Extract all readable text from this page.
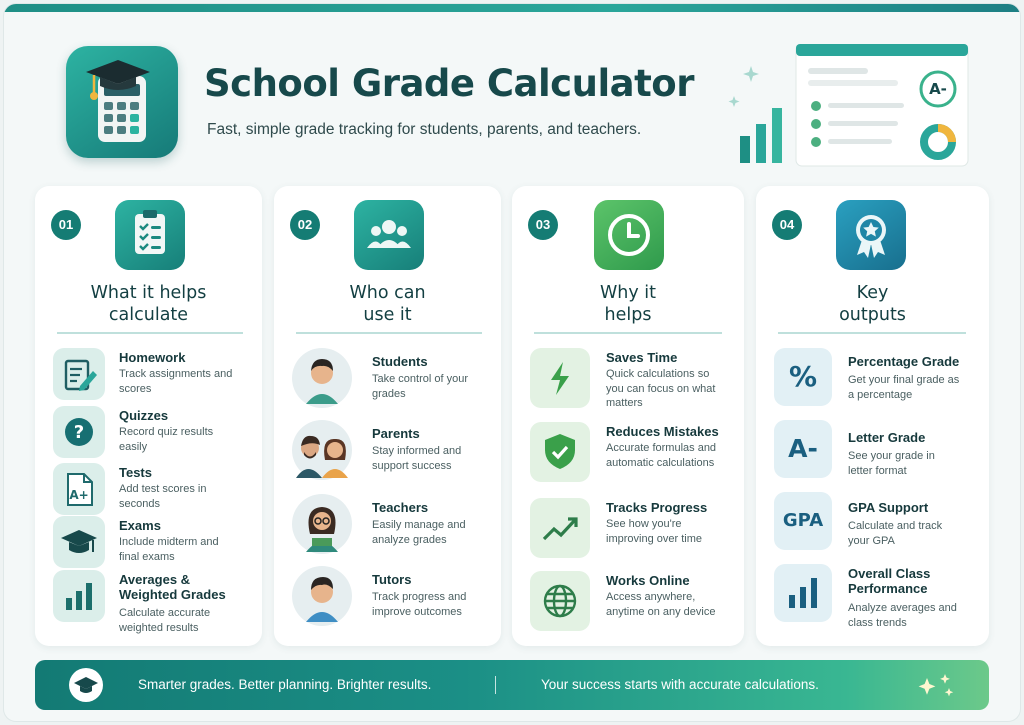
School Grade Calculator
Fast, simple grade tracking for students, parents, and teachers.
A-
01
What it helps
calculate
Homework
Track assignments and scores
?
Quizzes
Record quiz results easily
A+
Tests
Add test scores in seconds
Exams
Include midterm and final exams
Averages & Weighted Grades
Calculate accurate weighted results
02
Who can
use it
Students
Take control of your grades
Parents
Stay informed and support success
Teachers
Easily manage and analyze grades
Tutors
Track progress and improve outcomes
03
Why it
helps
Saves Time
Quick calculations so you can focus on what matters
Reduces Mistakes
Accurate formulas and automatic calculations
Tracks Progress
See how you're improving over time
Works Online
Access anywhere, anytime on any device
04
Key
outputs
%	Percentage Grade
Get your final grade as a percentage
A-	Letter Grade
See your grade in letter format
GPA
GPA Support
Calculate and track your GPA
Overall Class Performance
Analyze averages and class trends
Smarter grades. Better planning. Brighter results.	Your success starts with accurate calculations.
